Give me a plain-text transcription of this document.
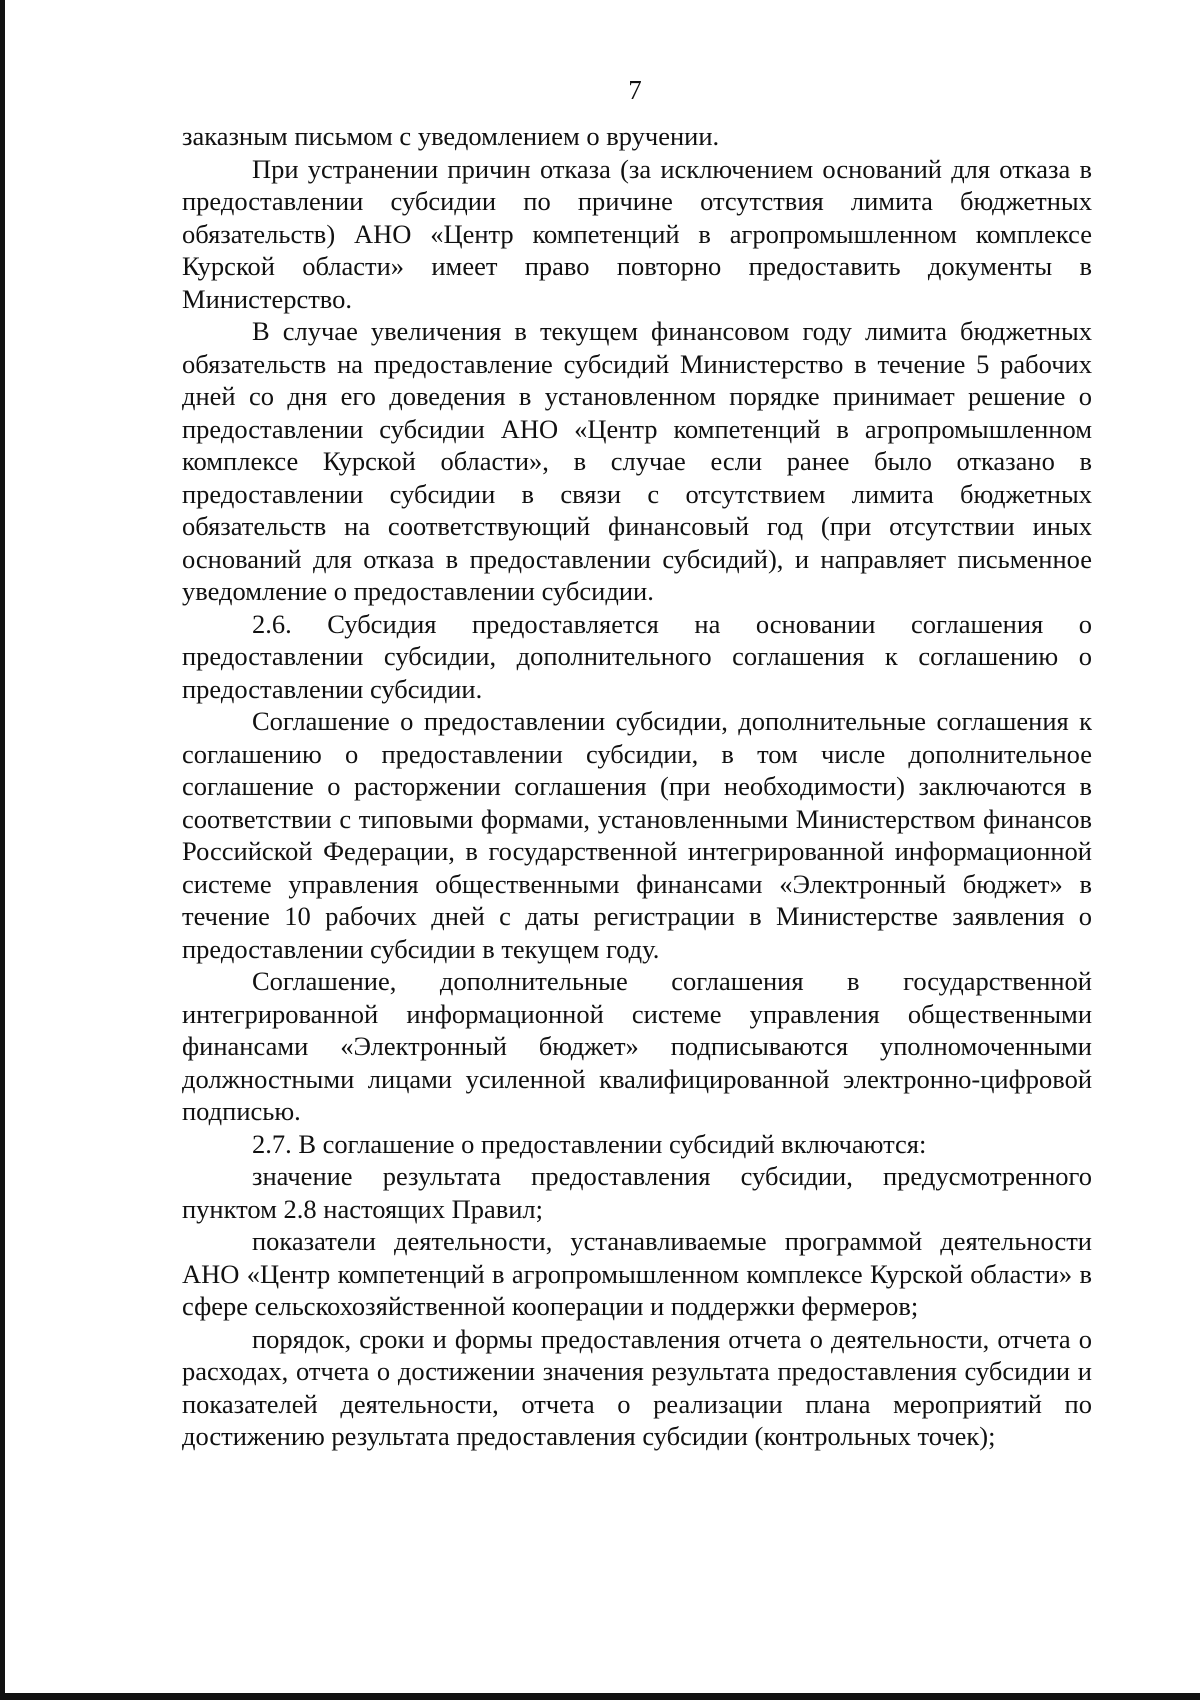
7

заказным письмом с уведомлением о вручении.

При устранении причин отказа (за исключением оснований для отказа в предоставлении субсидии по причине отсутствия лимита бюджетных обязательств) АНО «Центр компетенций в агропромышленном комплексе Курской области» имеет право повторно предоставить документы в Министерство.

В случае увеличения в текущем финансовом году лимита бюджетных обязательств на предоставление субсидий Министерство в течение 5 рабочих дней со дня его доведения в установленном порядке принимает решение о предоставлении субсидии АНО «Центр компетенций в агропромышленном комплексе Курской области», в случае если ранее было отказано в предоставлении субсидии в связи с отсутствием лимита бюджетных обязательств на соответствующий финансовый год (при отсутствии иных оснований для отказа в предоставлении субсидий), и направляет письменное уведомление о предоставлении субсидии.

2.6. Субсидия предоставляется на основании соглашения о предоставлении субсидии, дополнительного соглашения к соглашению о предоставлении субсидии.

Соглашение о предоставлении субсидии, дополнительные соглашения к соглашению о предоставлении субсидии, в том числе дополнительное соглашение о расторжении соглашения (при необходимости) заключаются в соответствии с типовыми формами, установленными Министерством финансов Российской Федерации, в государственной интегрированной информационной системе управления общественными финансами «Электронный бюджет» в течение 10 рабочих дней с даты регистрации в Министерстве заявления о предоставлении субсидии в текущем году.

Соглашение, дополнительные соглашения в государственной интегрированной информационной системе управления общественными финансами «Электронный бюджет» подписываются уполномоченными должностными лицами усиленной квалифицированной электронно-цифровой подписью.

2.7. В соглашение о предоставлении субсидий включаются:

значение результата предоставления субсидии, предусмотренного пунктом 2.8 настоящих Правил;

показатели деятельности, устанавливаемые программой деятельности АНО «Центр компетенций в агропромышленном комплексе Курской области» в сфере сельскохозяйственной кооперации и поддержки фермеров;

порядок, сроки и формы предоставления отчета о деятельности, отчета о расходах, отчета о достижении значения результата предоставления субсидии и показателей деятельности, отчета о реализации плана мероприятий по достижению результата предоставления субсидии (контрольных точек);
